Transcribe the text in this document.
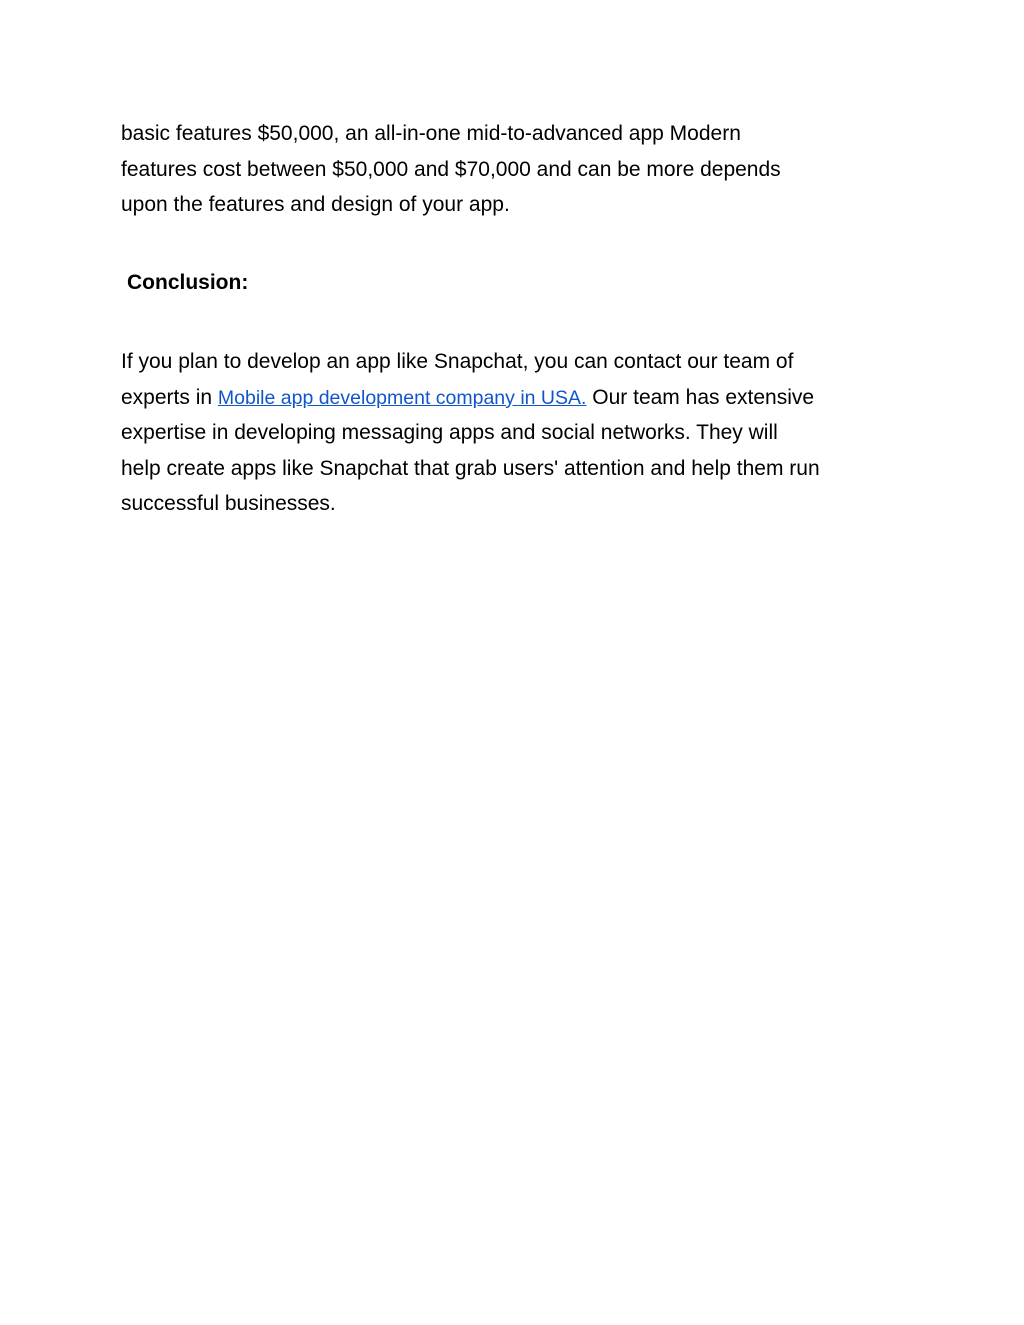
basic features $50,000, an all-in-one mid-to-advanced app Modern
features cost between $50,000 and $70,000 and can be more depends
upon the features and design of your app.

Conclusion:

If you plan to develop an app like Snapchat, you can contact our team of
experts in Mobile app development company in USA. Our team has extensive
expertise in developing messaging apps and social networks. They will
help create apps like Snapchat that grab users' attention and help them run
successful businesses.
